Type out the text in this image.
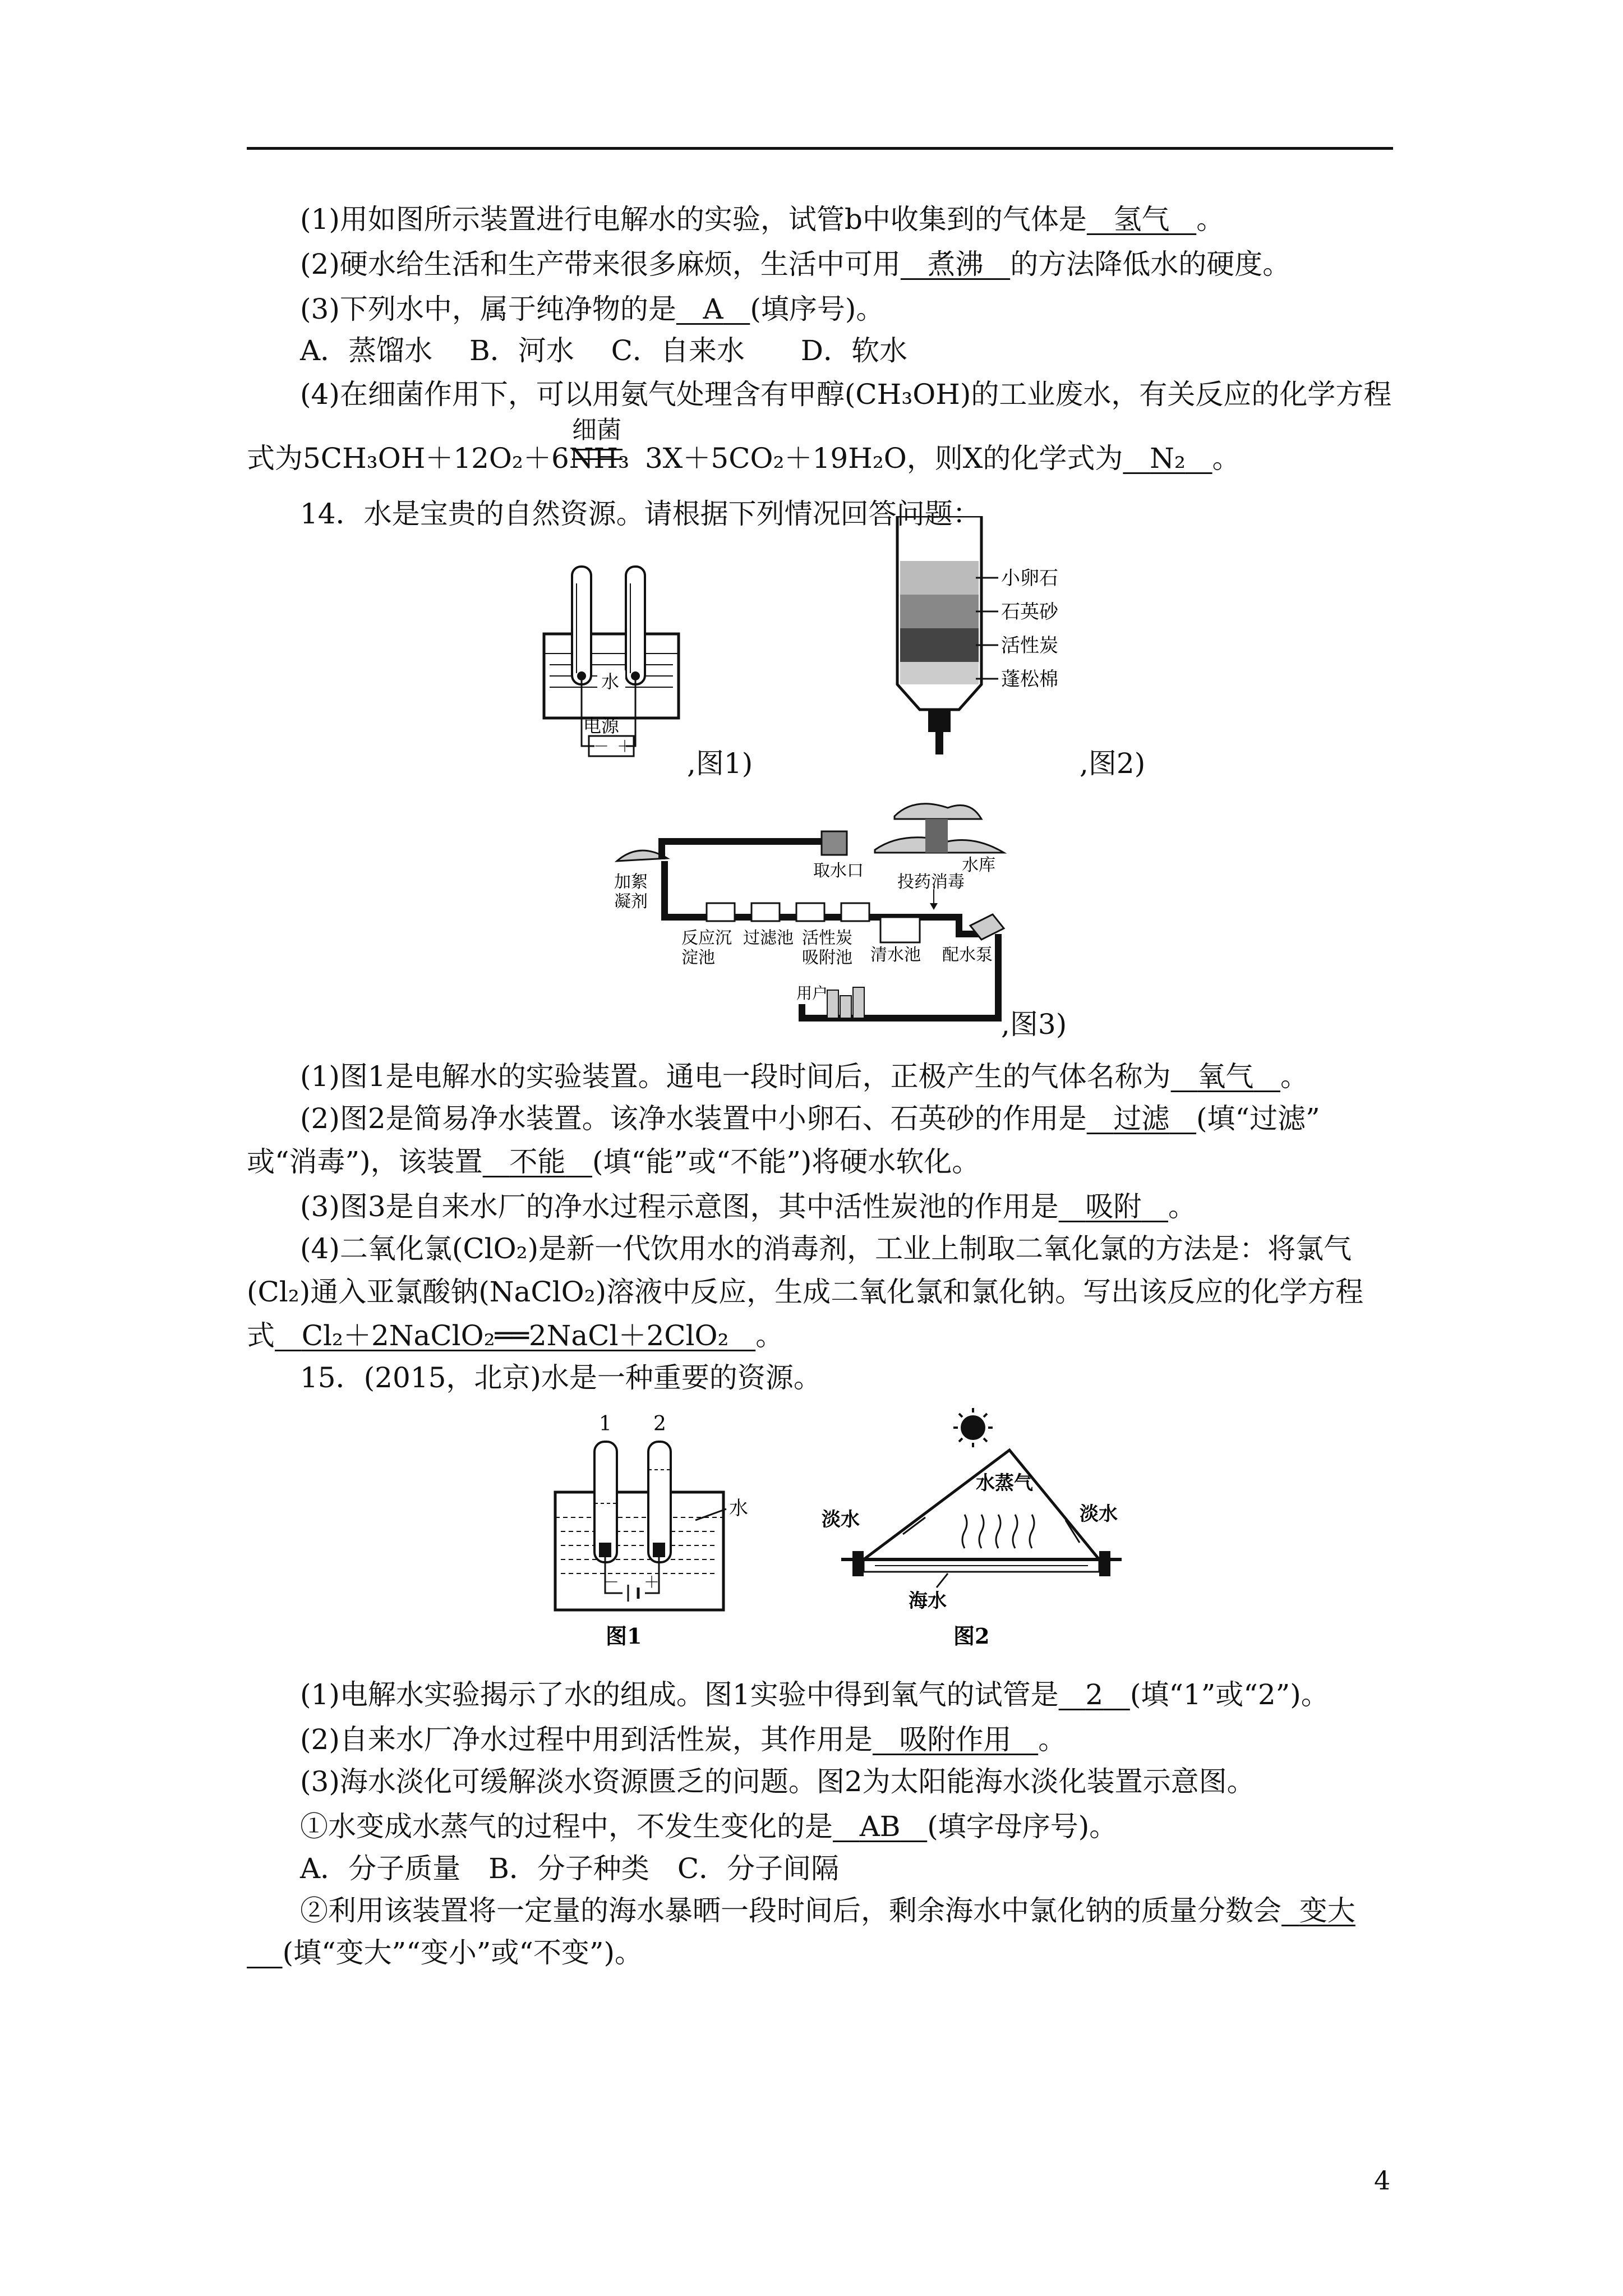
(1)用如图所示装置进行电解水的实验，试管b中收集到的气体是 氢气 。
(2)硬水给生活和生产带来很多麻烦，生活中可用 煮沸 的方法降低水的硬度。
(3)下列水中，属于纯净物的是 A (填序号)。
A．蒸馏水　 B．河水　 C．自来水　　D．软水
(4)在细菌作用下，可以用氨气处理含有甲醇(CH₃OH)的工业废水，有关反应的化学方程
细菌
式为5CH₃OH＋12O₂＋6NH₃ 3X＋5CO₂＋19H₂O，则X的化学式为 N₂ 。
14．水是宝贵的自然资源。请根据下列情况回答问题：
水
电源
－ ＋
,图1)
小卵石
石英砂
活性炭
蓬松棉
,图2)
取水口	水库
投药消毒
加絮
凝剂
反应沉
淀池
过滤池 活性炭
吸附池 清水池 配水泵
用户
,图3)
(1)图1是电解水的实验装置。通电一段时间后，正极产生的气体名称为 氧气 。
(2)图2是简易净水装置。该净水装置中小卵石、石英砂的作用是 过滤 (填“过滤”
或“消毒”)，该装置 不能 (填“能”或“不能”)将硬水软化。
(3)图3是自来水厂的净水过程示意图，其中活性炭池的作用是 吸附 。
(4)二氧化氯(ClO₂)是新一代饮用水的消毒剂，工业上制取二氧化氯的方法是：将氯气
(Cl₂)通入亚氯酸钠(NaClO₂)溶液中反应，生成二氧化氯和氯化钠。写出该反应的化学方程
式 Cl₂＋2NaClO₂══2NaCl＋2ClO₂ 。
15．(2015，北京)水是一种重要的资源。
1 2
水
－ ＋
图1
淡水
水蒸气
淡水
海水
图2
(1)电解水实验揭示了水的组成。图1实验中得到氧气的试管是 2 (填“1”或“2”)。
(2)自来水厂净水过程中用到活性炭，其作用是 吸附作用 。
(3)海水淡化可缓解淡水资源匮乏的问题。图2为太阳能海水淡化装置示意图。
①水变成水蒸气的过程中，不发生变化的是 AB (填字母序号)。
A．分子质量　B．分子种类　C．分子间隔
②利用该装置将一定量的海水暴晒一段时间后，剩余海水中氯化钠的质量分数会 变大
(填“变大”“变小”或“不变”)。
4
